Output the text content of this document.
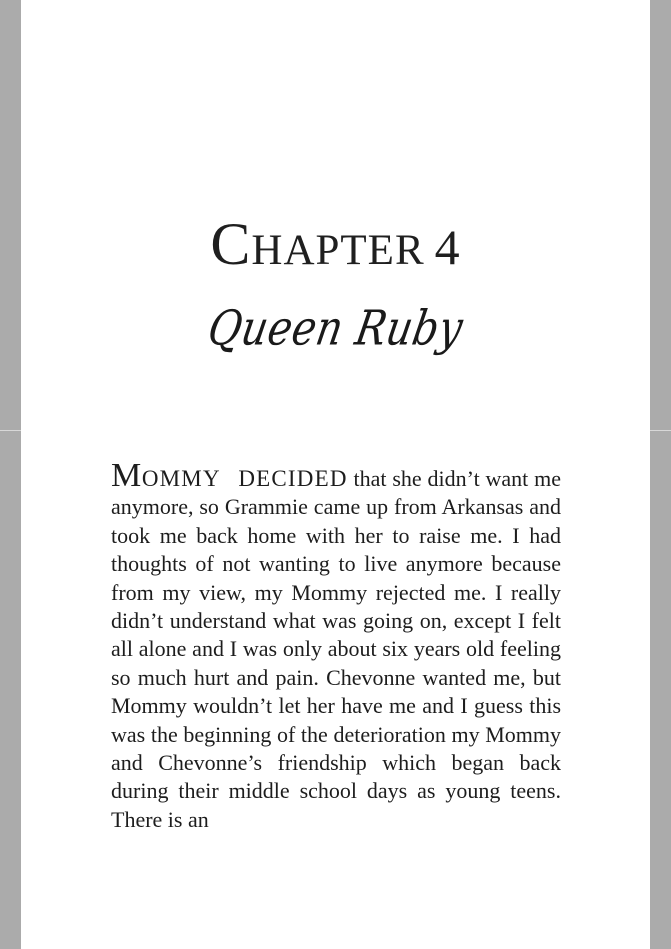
CHAPTER 4
Queen Ruby

MOMMY DECIDED that she didn’t want me anymore, so Grammie came up from Arkansas and took me back home with her to raise me. I had thoughts of not wanting to live anymore because from my view, my Mommy rejected me. I really didn’t understand what was going on, except I felt all alone and I was only about six years old feeling so much hurt and pain. Chevonne wanted me, but Mommy wouldn’t let her have me and I guess this was the beginning of the deterioration my Mommy and Chevonne’s friendship which began back during their middle school days as young teens. There is an
